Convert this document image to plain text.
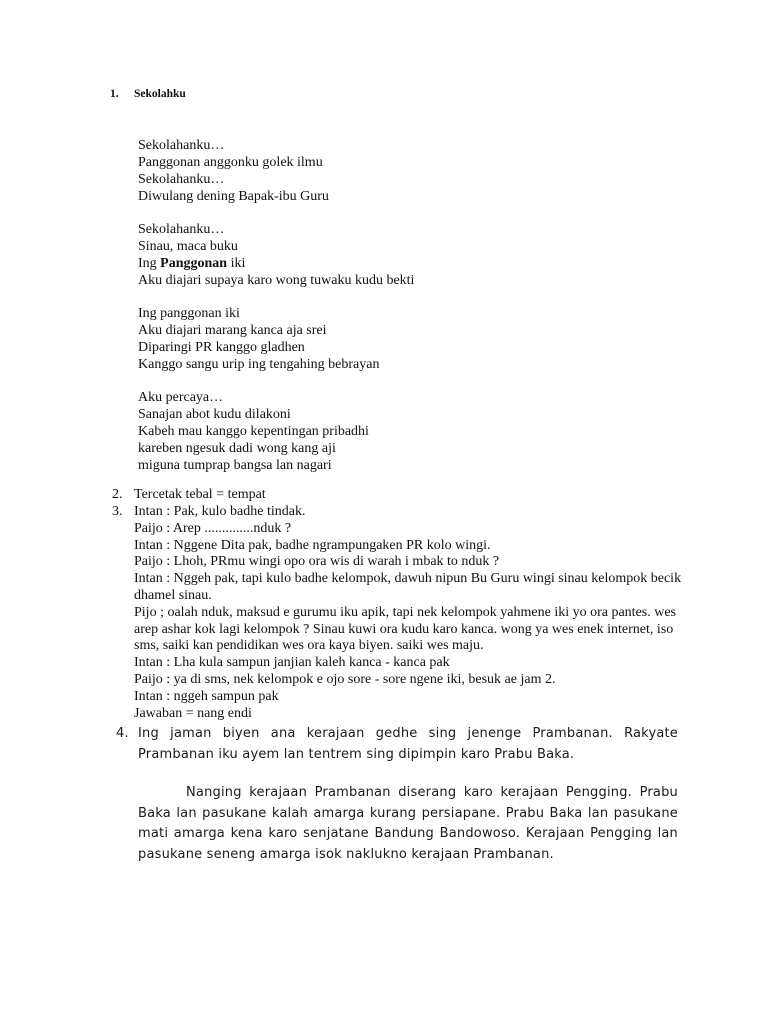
1. Sekolahku
Sekolahanku…
Panggonan anggonku golek ilmu
Sekolahanku…
Diwulang dening Bapak-ibu Guru
Sekolahanku…
Sinau, maca buku
Ing Panggonan iki
Aku diajari supaya karo wong tuwaku kudu bekti
Ing panggonan iki
Aku diajari marang kanca aja srei
Diparingi PR kanggo gladhen
Kanggo sangu urip ing tengahing bebrayan
Aku percaya…
Sanajan abot kudu dilakoni
Kabeh mau kanggo kepentingan pribadhi
kareben ngesuk dadi wong kang aji
miguna tumprap bangsa lan nagari
2. Tercetak tebal = tempat
3. Intan : Pak, kulo badhe tindak.
Paijo : Arep ..............nduk ?
Intan : Nggene Dita pak, badhe ngrampungaken PR kolo wingi.
Paijo : Lhoh, PRmu wingi opo ora wis di warah i mbak to nduk ?
Intan : Nggeh pak, tapi kulo badhe kelompok, dawuh nipun Bu Guru wingi sinau kelompok becik dhamel sinau.
Pijo ; oalah nduk, maksud e gurumu iku apik, tapi nek kelompok yahmene iki yo ora pantes. wes arep ashar kok lagi kelompok ? Sinau kuwi ora kudu karo kanca. wong ya wes enek internet, iso sms, saiki kan pendidikan wes ora kaya biyen. saiki wes maju.
Intan : Lha kula sampun janjian kaleh kanca - kanca pak
Paijo : ya di sms, nek kelompok e ojo sore - sore ngene iki, besuk ae jam 2.
Intan : nggeh sampun pak
Jawaban = nang endi
4. Ing jaman biyen ana kerajaan gedhe sing jenenge Prambanan. Rakyate Prambanan iku ayem lan tentrem sing dipimpin karo Prabu Baka.

Nanging kerajaan Prambanan diserang karo kerajaan Pengging. Prabu Baka lan pasukane kalah amarga kurang persiapane. Prabu Baka lan pasukane mati amarga kena karo senjatane Bandung Bandowoso. Kerajaan Pengging lan pasukane seneng amarga isok naklukno kerajaan Prambanan.
